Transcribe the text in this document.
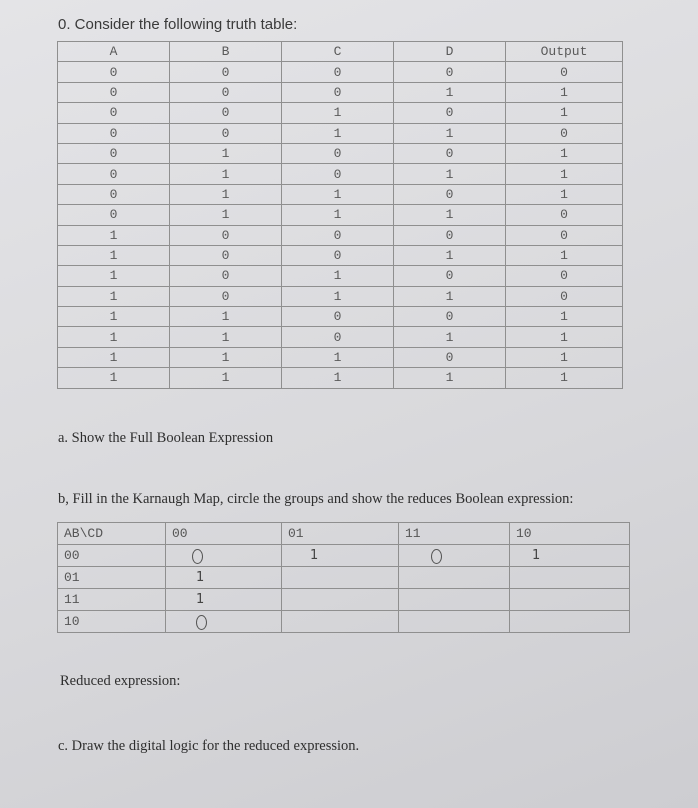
0. Consider the following truth table:
A	B	C	D	Output
0	0	0	0	0
0	0	0	1	1
0	0	1	0	1
0	0	1	1	0
0	1	0	0	1
0	1	0	1	1
0	1	1	0	1
0	1	1	1	0
1	0	0	0	0
1	0	0	1	1
1	0	1	0	0
1	0	1	1	0
1	1	0	0	1
1	1	0	1	1
1	1	1	0	1
1	1	1	1	1
a. Show the Full Boolean Expression
b, Fill in the Karnaugh Map, circle the groups and show the reduces Boolean expression:
AB\CD	00	01	11	10
00		1		1

01	1			

11	1			

10	

Reduced expression:
c. Draw the digital logic for the reduced expression.
